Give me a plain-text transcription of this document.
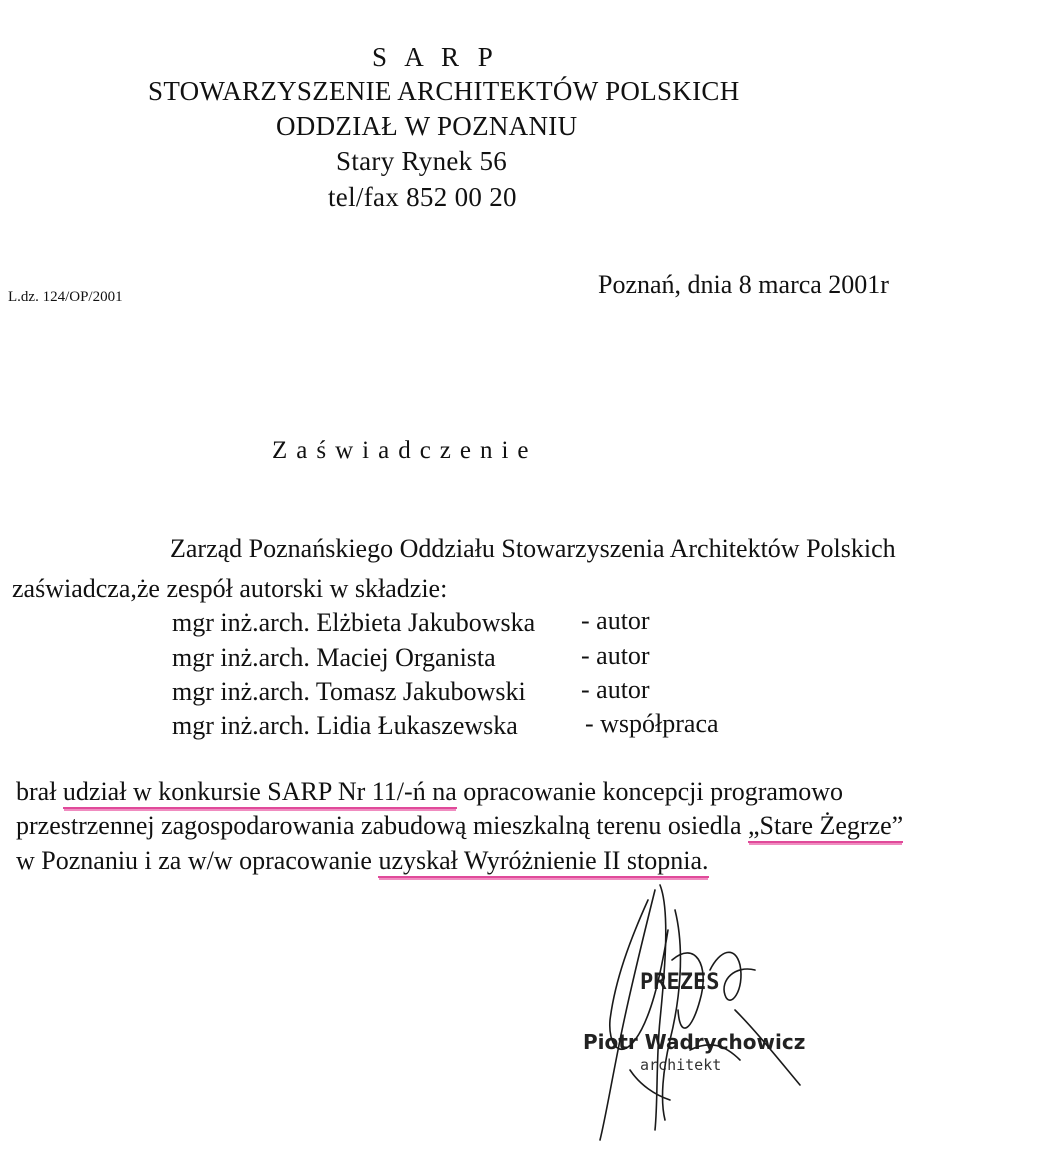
S A R P
STOWARZYSZENIE ARCHITEKTÓW POLSKICH
ODDZIAŁ W POZNANIU
Stary Rynek 56
tel/fax 852 00 20
L.dz. 124/OP/2001	Poznań, dnia 8 marca 2001r
Zaświadczenie
Zarząd Poznańskiego Oddziału Stowarzyszenia Architektów Polskich
zaświadcza,że zespół autorski w składzie:
mgr inż.arch. Elżbieta Jakubowska - autor
mgr inż.arch. Maciej Organista	- autor
mgr inż.arch. Tomasz Jakubowski - autor
mgr inż.arch. Lidia Łukaszewska	- współpraca
brał udział w konkursie SARP Nr 11/-ń na opracowanie koncepcji programowo
przestrzennej zagospodarowania zabudową mieszkalną terenu osiedla „Stare Żegrze”
w Poznaniu i za w/w opracowanie uzyskał Wyróżnienie II stopnia.
PREZES
Piotr Wadrychowicz
architekt
